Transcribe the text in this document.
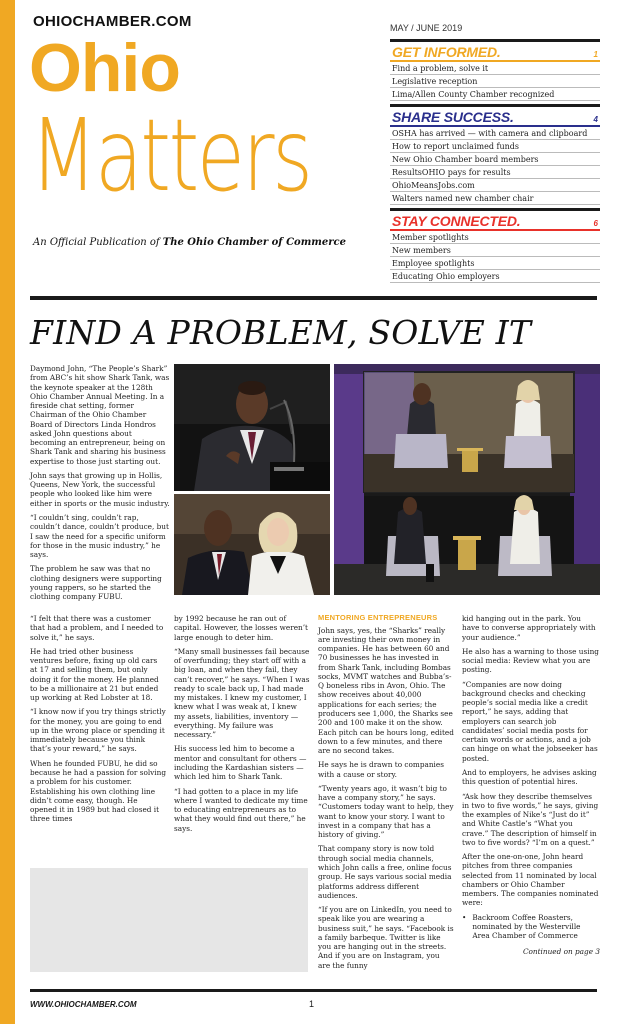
OHIOCHAMBER.COM
Ohio
Matters
An Official Publication of The Ohio Chamber of Commerce
MAY / JUNE 2019
GET INFORMED.	1
Find a problem, solve it
Legislative reception
Lima/Allen County Chamber recognized
SHARE SUCCESS.	4
OSHA has arrived — with camera and clipboard
How to report unclaimed funds
New Ohio Chamber board members
ResultsOHIO pays for results
OhioMeansJobs.com
Walters named new chamber chair
STAY CONNECTED.	6
Member spotlights
New members
Employee spotlights
Educating Ohio employers
FIND A PROBLEM, SOLVE IT

Daymond John, “The People’s Shark” from ABC’s hit show Shark Tank, was the keynote speaker at the 128th Ohio Chamber Annual Meeting. In a fireside chat setting, former Chairman of the Ohio Chamber Board of Directors Linda Hondros asked John questions about becoming an entrepreneur, being on Shark Tank and sharing his business expertise to those just starting out.

John says that growing up in Hollis, Queens, New York, the successful people who looked like him were either in sports or the music industry.

“I couldn’t sing, couldn’t rap, couldn’t dance, couldn’t produce, but I saw the need for a specific uniform for those in the music industry,” he says.

The problem he saw was that no clothing designers were supporting young rappers, so he started the clothing company FUBU.

“I felt that there was a customer that had a problem, and I needed to solve it,” he says.

He had tried other business ventures before, fixing up old cars at 17 and selling them, but only doing it for the money. He planned to be a millionaire at 21 but ended up working at Red Lobster at 18.

“I know now if you try things strictly for the money, you are going to end up in the wrong place or spending it immediately because you think that’s your reward,” he says.

When he founded FUBU, he did so because he had a passion for solving a problem for his customer. Establishing his own clothing line didn’t come easy, though. He opened it in 1989 but had closed it three times

by 1992 because he ran out of capital. However, the losses weren’t large enough to deter him.

“Many small businesses fail because of overfunding; they start off with a big loan, and when they fail, they can’t recover,” he says. “When I was ready to scale back up, I had made my mistakes. I knew my customer, I knew what I was weak at, I knew my assets, liabilities, inventory — everything. My failure was necessary.”

His success led him to become a mentor and consultant for others — including the Kardashian sisters — which led him to Shark Tank.

“I had gotten to a place in my life where I wanted to dedicate my time to educating entrepreneurs as to what they would find out there,” he says.

MENTORING ENTREPRENEURS

John says, yes, the “Sharks” really are investing their own money in companies. He has between 60 and 70 businesses he has invested in from Shark Tank, including Bombas socks, MVMT watches and Bubba’s-Q boneless ribs in Avon, Ohio. The show receives about 40,000 applications for each series; the producers see 1,000, the Sharks see 200 and 100 make it on the show. Each pitch can be hours long, edited down to a few minutes, and there are no second takes.

He says he is drawn to companies with a cause or story.

“Twenty years ago, it wasn’t big to have a company story,” he says. “Customers today want to help, they want to know your story. I want to invest in a company that has a history of giving.”

That company story is now told through social media channels, which John calls a free, online focus group. He says various social media platforms address different audiences.

“If you are on LinkedIn, you need to speak like you are wearing a business suit,” he says. “Facebook is a family barbeque. Twitter is like you are hanging out in the streets. And if you are on Instagram, you are the funny

kid hanging out in the park. You have to converse appropriately with your audience.”

He also has a warning to those using social media: Review what you are posting.

“Companies are now doing background checks and checking people’s social media like a credit report,” he says, adding that employers can search job candidates’ social media posts for certain words or actions, and a job can hinge on what the jobseeker has posted.

And to employers, he advises asking this question of potential hires.

“Ask how they describe themselves in two to five words,” he says, giving the examples of Nike’s “Just do it” and White Castle’s “What you crave.” The description of himself in two to five words? “I’m on a quest.”

After the one-on-one, John heard pitches from three companies selected from 11 nominated by local chambers or Ohio Chamber members. The companies nominated were:

• Backroom Coffee Roasters, nominated by the Westerville Area Chamber of Commerce
Continued on page 3
WWW.OHIOCHAMBER.COM	1
